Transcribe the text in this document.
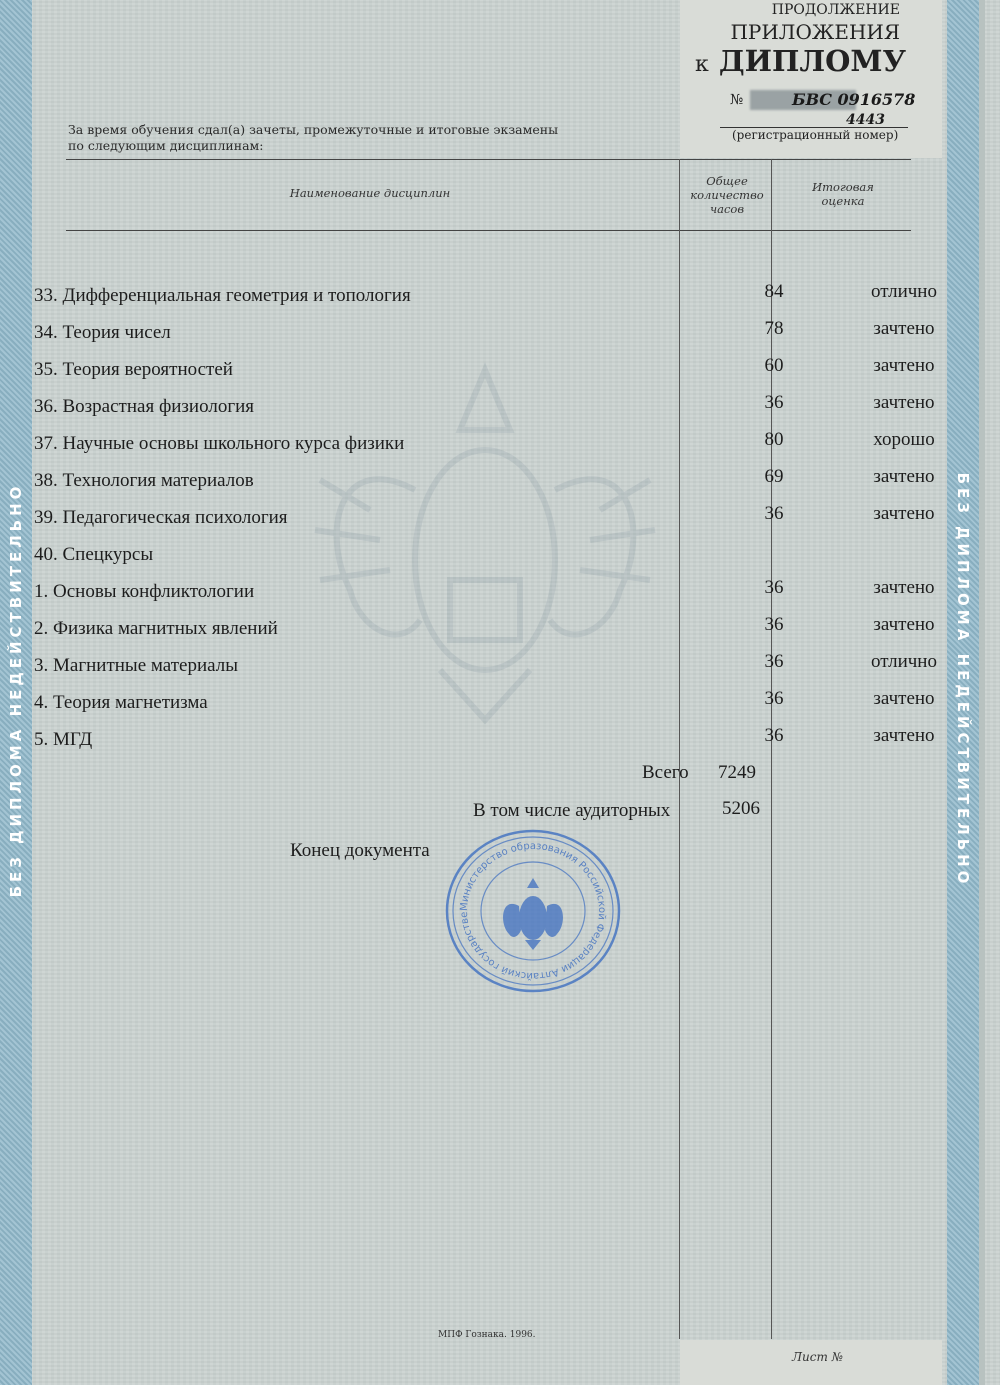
БЕЗ ДИПЛОМА НЕДЕЙСТВИТЕЛЬНО	БЕЗ ДИПЛОМА НЕДЕЙСТВИТЕЛЬНО
ПРОДОЛЖЕНИЕ
ПРИЛОЖЕНИЯ
к ДИПЛОМУ
№	БВС 0916578
4443
(регистрационный номер)
За время обучения сдал(а) зачеты, промежуточные и итоговые экзамены
по следующим дисциплинам:
Наименование дисциплин
Общее
количество
часов
Итоговая
оценка
33. Дифференциальная геометрия и топология	84	отлично
34. Теория чисел	78	зачтено
35. Теория вероятностей	60	зачтено
36. Возрастная физиология	36	зачтено
37. Научные основы школьного курса физики	80	хорошо
38. Технология материалов	69	зачтено
39. Педагогическая психология	36	зачтено
40. Спецкурсы
1. Основы конфликтологии	36	зачтено
2. Физика магнитных явлений	36	зачтено
3. Магнитные материалы	36	отлично
4. Теория магнетизма	36	зачтено
5. МГД	36	зачтено
Всего 7249
В том числе аудиторных	5206
Конец документа
Министерство образования Российской Федерации Алтайский государстве
МПФ Гознака. 1996.
Лист №
